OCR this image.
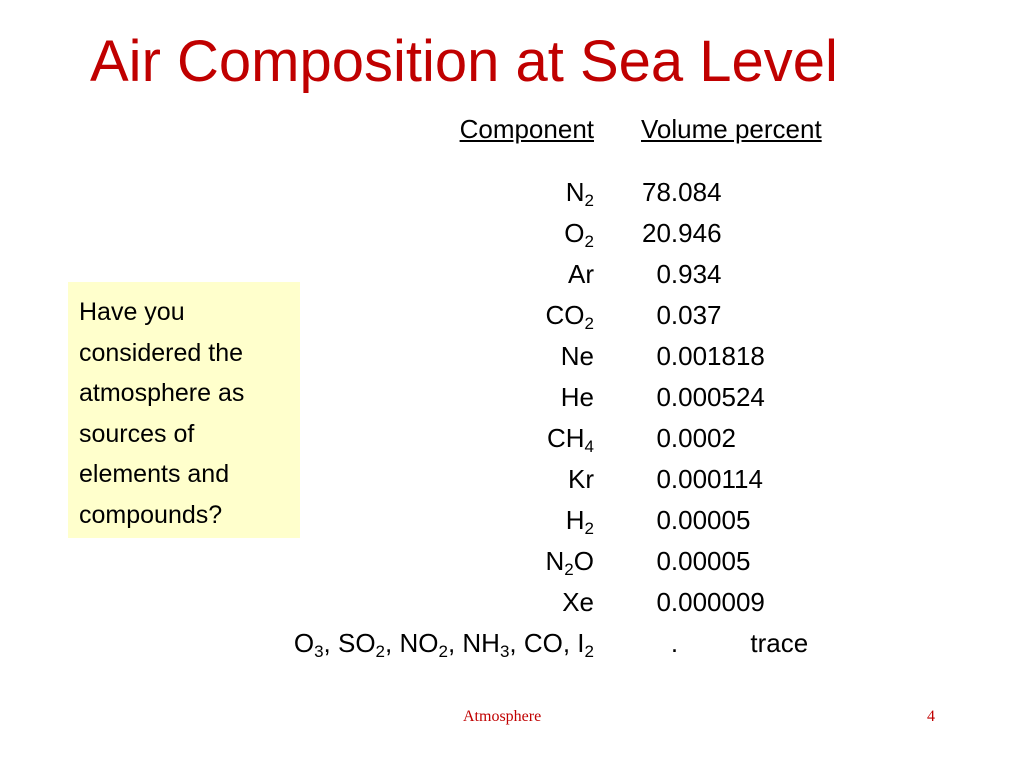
Air Composition at Sea Level
Component Volume percent
$N_2$ 78.084
$O_2$ 20.946
Ar 0.934
$CO_2$ 0.037
Ne 0.001818
He 0.000524
$CH_4$ 0.0002
Kr 0.000114
$H_2$ 0.00005
$N_2O$ 0.00005
Xe 0.000009
$O_3$, $SO_2$, $NO_2$, $NH_3$, CO, $I_2$ .          trace
Have you considered the atmosphere as sources of elements and compounds?
Atmosphere	4
